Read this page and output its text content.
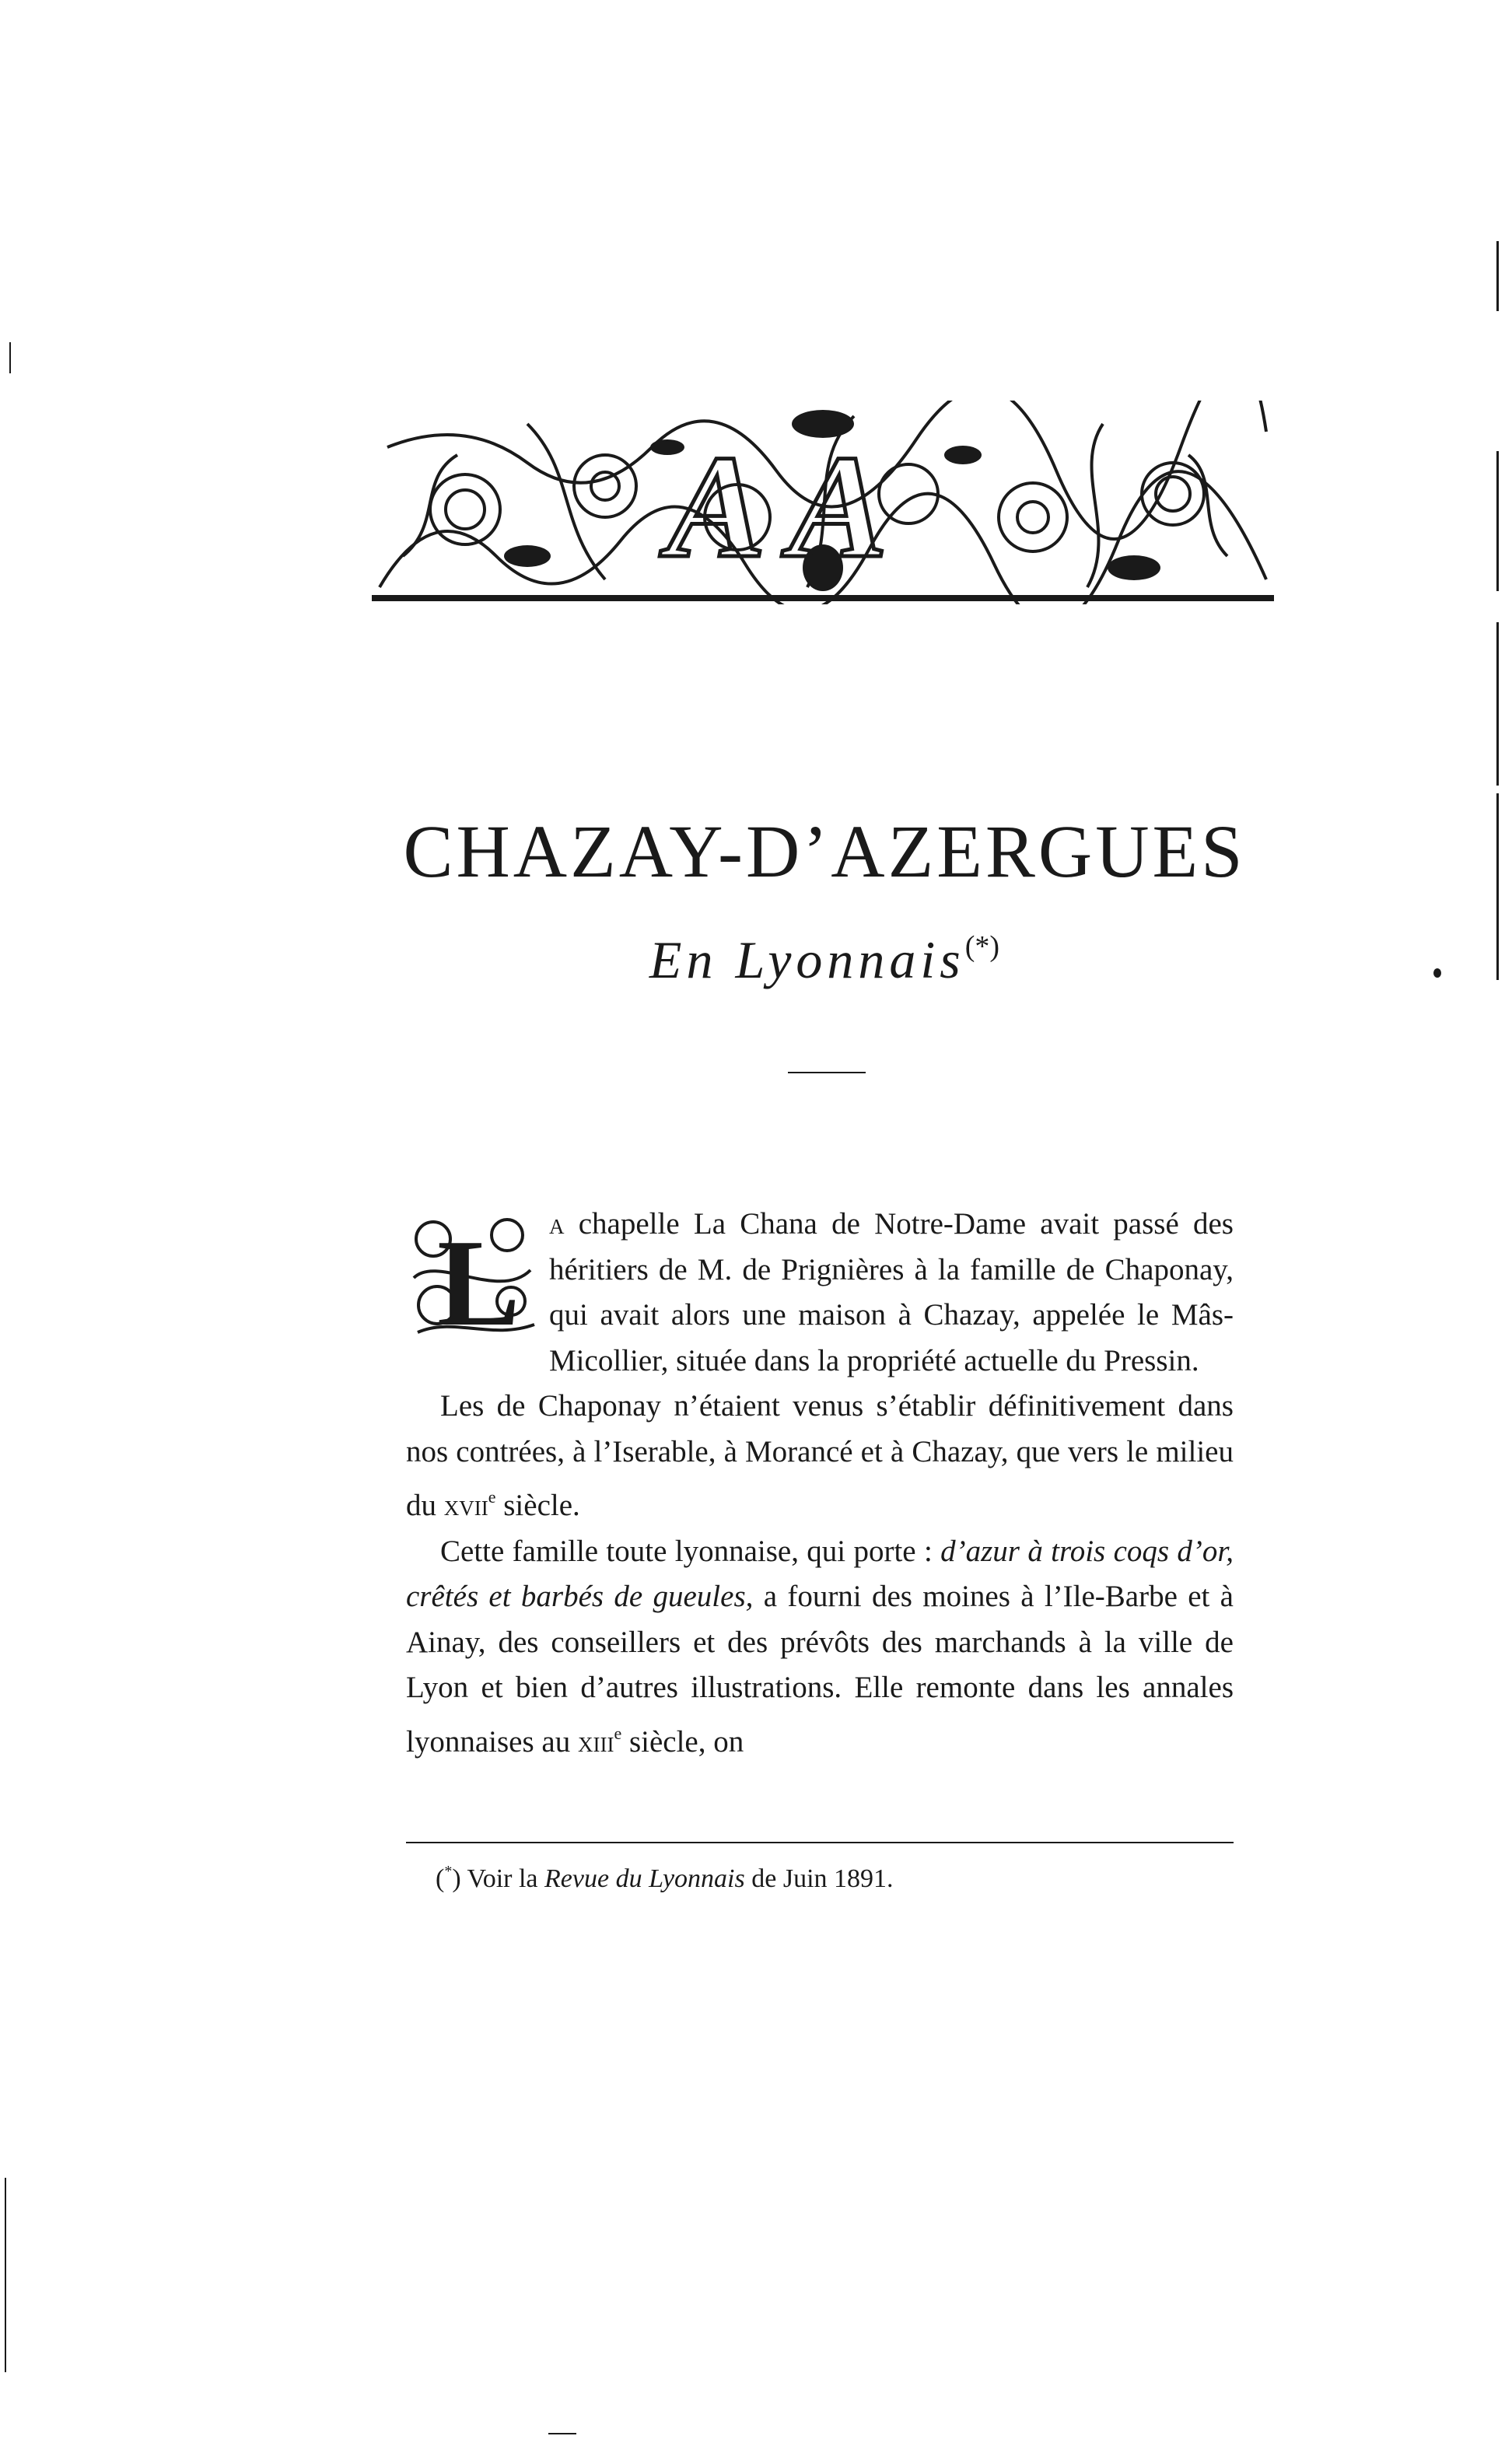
A A
CHAZAY-D’AZERGUES
En Lyonnais(*)
L a chapelle La Chana de Notre-Dame avait passé des héritiers de M. de Prignières à la famille de Chaponay, qui avait alors une maison à Chazay, appelée le Mâs-Micollier, située dans la propriété actuelle du Pressin.

Les de Chaponay n’étaient venus s’établir définitivement dans nos contrées, à l’Iserable, à Morancé et à Chazay, que vers le milieu du xvii$^e$ siècle.

Cette famille toute lyonnaise, qui porte : d’azur à trois coqs d’or, crêtés et barbés de gueules, a fourni des moines à l’Ile-Barbe et à Ainay, des conseillers et des prévôts des marchands à la ville de Lyon et bien d’autres illustrations. Elle remonte dans les annales lyonnaises au xiii$^e$ siècle, on

(*) Voir la Revue du Lyonnais de Juin 1891.
